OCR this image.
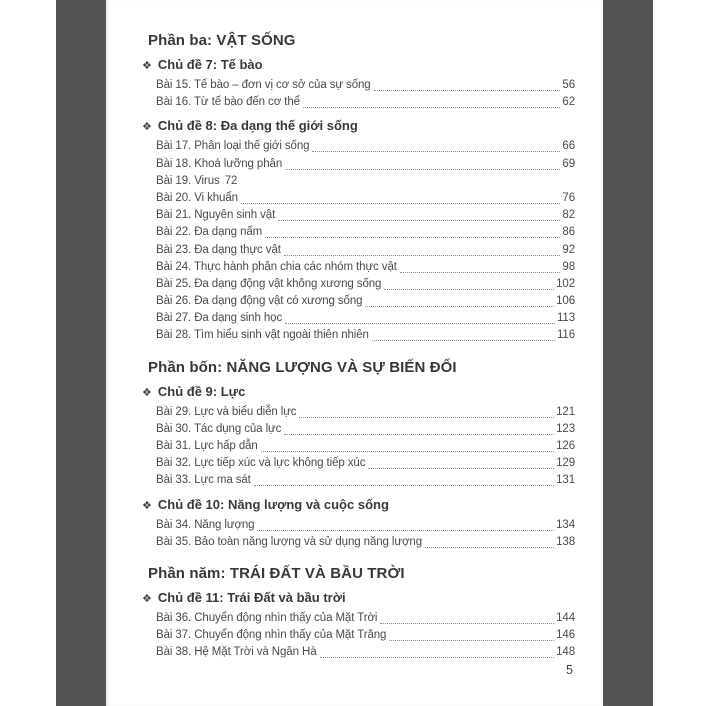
Phần ba: VẬT SỐNG
❖ Chủ đề 7: Tế bào
Bài 15. Tế bào – đơn vị cơ sở của sự sống	56
Bài 16. Từ tế bào đến cơ thể	62
❖ Chủ đề 8: Đa dạng thế giới sống
Bài 17. Phân loại thế giới sống	66
Bài 18. Khoá lưỡng phân	69
Bài 19. Virus 72
Bài 20. Vi khuẩn	76
Bài 21. Nguyên sinh vật	82
Bài 22. Đa dạng nấm	86
Bài 23. Đa dạng thực vật	92
Bài 24. Thực hành phân chia các nhóm thực vật	98
Bài 25. Đa dạng động vật không xương sống	102
Bài 26. Đa dạng động vật có xương sống	106
Bài 27. Đa dạng sinh học	113
Bài 28. Tìm hiểu sinh vật ngoài thiên nhiên	116
Phần bốn: NĂNG LƯỢNG VÀ SỰ BIẾN ĐỔI
❖ Chủ đề 9: Lực
Bài 29. Lực và biểu diễn lực	121
Bài 30. Tác dụng của lực	123
Bài 31. Lực hấp dẫn	126
Bài 32. Lực tiếp xúc và lực không tiếp xúc	129
Bài 33. Lực ma sát	131
❖ Chủ đề 10: Năng lượng và cuộc sống
Bài 34. Năng lượng	134
Bài 35. Bảo toàn năng lượng và sử dụng năng lượng	138
Phần năm: TRÁI ĐẤT VÀ BẦU TRỜI
❖ Chủ đề 11: Trái Đất và bầu trời
Bài 36. Chuyển động nhìn thấy của Mặt Trời	144
Bài 37. Chuyển động nhìn thấy của Mặt Trăng	146
Bài 38. Hệ Mặt Trời và Ngân Hà	148
5
